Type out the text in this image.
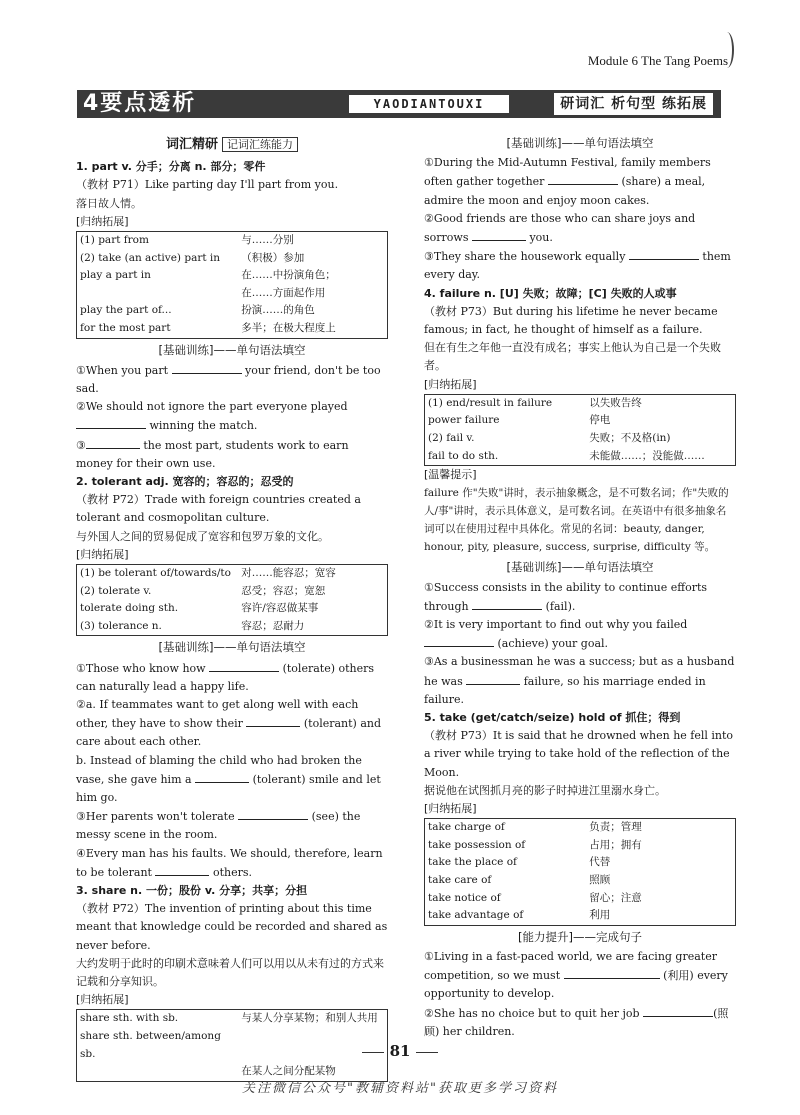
Module 6 The Tang Poems
4要点透析	YAODIANTOUXI	研词汇 析句型 练拓展
词汇精研 记词汇练能力

1. part v. 分手；分离 n. 部分；零件

（教材 P71）Like parting day I'll part from you.

落日故人情。

[归纳拓展]

(1) part from	与……分别
(2) take (an active) part in	（积极）参加
play a part in	在……中扮演角色；
	在……方面起作用
play the part of...	扮演……的角色
for the most part	多半；在极大程度上

[基础训练]——单句语法填空

①When you part	your friend, don't be too sad.

②We should not ignore the part everyone played  winning the match.

③	the most part, students work to earn money for their own use.

2. tolerant adj. 宽容的；容忍的；忍受的

（教材 P72）Trade with foreign countries created a tolerant and cosmopolitan culture.

与外国人之间的贸易促成了宽容和包罗万象的文化。

[归纳拓展]

(1) be tolerant of/towards/to	对……能容忍；宽容
(2) tolerate v.	忍受；容忍；宽恕
tolerate doing sth.	容许/容忍做某事
(3) tolerance n.	容忍；忍耐力

[基础训练]——单句语法填空

①Those who know how	(tolerate) others can naturally lead a happy life.

②a. If teammates want to get along well with each other, they have to show their	(tolerant) and care about each other.

b. Instead of blaming the child who had broken the vase, she gave him a	(tolerant) smile and let him go.

③Her parents won't tolerate	(see) the messy scene in the room.

④Every man has his faults. We should, therefore, learn to be tolerant	others.

3. share n. 一份；股份 v. 分享；共享；分担

（教材 P72）The invention of printing about this time meant that knowledge could be recorded and shared as never before.

大约发明于此时的印刷术意味着人们可以用以从未有过的方式来记载和分享知识。

[归纳拓展]

share sth. with sb.	与某人分享某物；和别人共用
share sth. between/among sb.	
	在某人之间分配某物

[基础训练]——单句语法填空

①During the Mid-Autumn Festival, family members often gather together	(share) a meal, admire the moon and enjoy moon cakes.

②Good friends are those who can share joys and sorrows	you.

③They share the housework equally	them every day.

4. failure n. [U] 失败；故障；[C] 失败的人或事

（教材 P73）But during his lifetime he never became famous; in fact, he thought of himself as a failure.

但在有生之年他一直没有成名；事实上他认为自己是一个失败者。

[归纳拓展]

(1) end/result in failure	以失败告终
power failure	停电
(2) fail v.	失败；不及格(in)
fail to do sth.	未能做……；没能做……

[温馨提示]

failure 作"失败"讲时，表示抽象概念，是不可数名词；作"失败的人/事"讲时，表示具体意义，是可数名词。在英语中有很多抽象名词可以在使用过程中具体化。常见的名词：beauty, danger, honour, pity, pleasure, success, surprise, difficulty 等。

[基础训练]——单句语法填空

①Success consists in the ability to continue efforts through	(fail).

②It is very important to find out why you failed  (achieve) your goal.

③As a businessman he was a success; but as a husband he was	failure, so his marriage ended in failure.

5. take (get/catch/seize) hold of 抓住；得到

（教材 P73）It is said that he drowned when he fell into a river while trying to take hold of the reflection of the Moon.

据说他在试图抓月亮的影子时掉进江里溺水身亡。

[归纳拓展]

take charge of	负责；管理
take possession of	占用；拥有
take the place of	代替
take care of	照顾
take notice of	留心；注意
take advantage of	利用

[能力提升]——完成句子

①Living in a fast-paced world, we are facing greater competition, so we must	(利用) every opportunity to develop.

②She has no choice but to quit her job	(照顾) her children.

81
关注微信公众号"教辅资料站"获取更多学习资料
